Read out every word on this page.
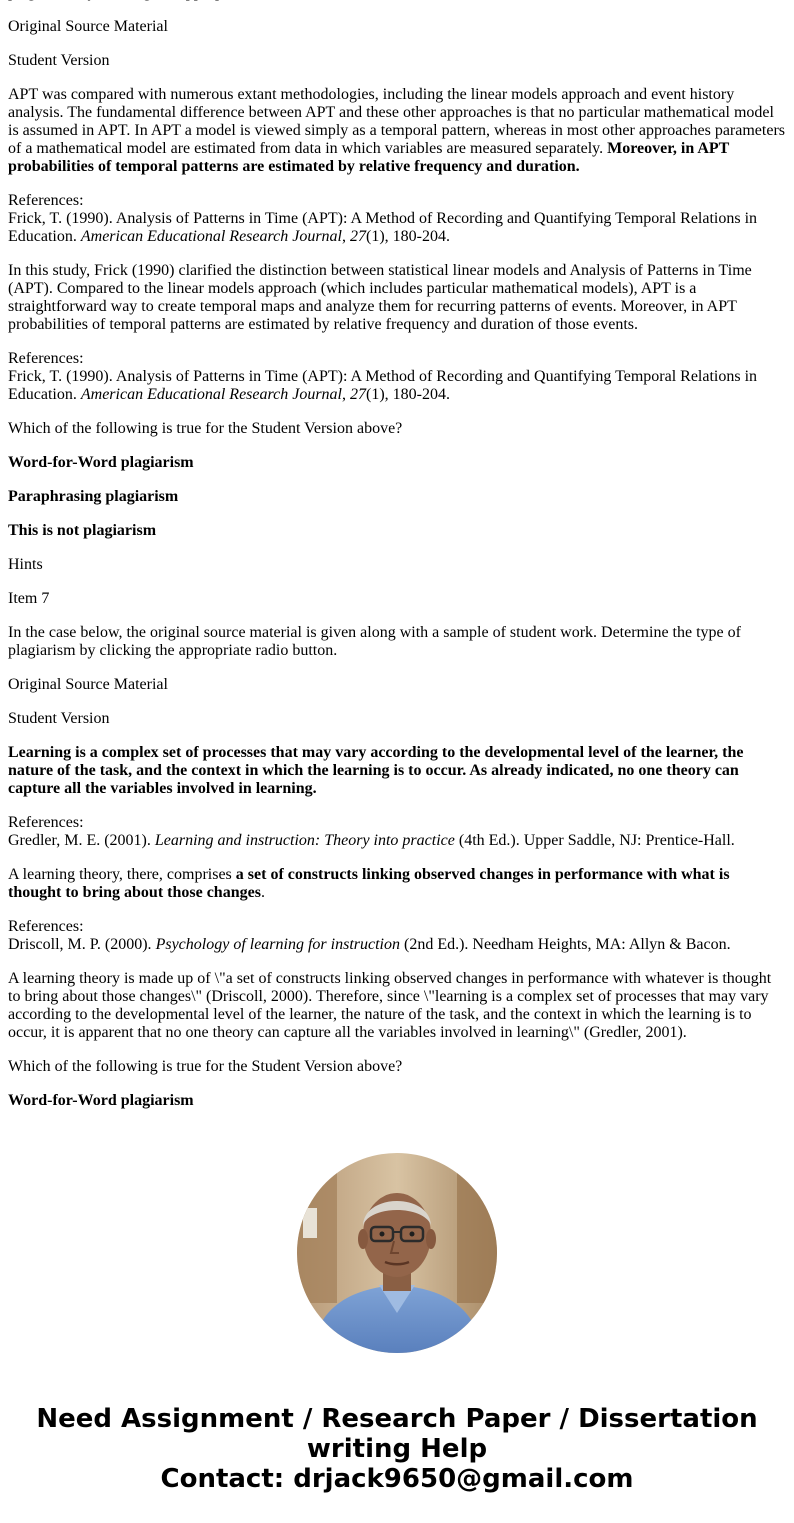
Original Source Material

Student Version

APT was compared with numerous extant methodologies, including the linear models approach and event history analysis. The fundamental difference between APT and these other approaches is that no particular mathematical model is assumed in APT. In APT a model is viewed simply as a temporal pattern, whereas in most other approaches parameters of a mathematical model are estimated from data in which variables are measured separately. Moreover, in APT probabilities of temporal patterns are estimated by relative frequency and duration.

References:
Frick, T. (1990). Analysis of Patterns in Time (APT): A Method of Recording and Quantifying Temporal Relations in Education. American Educational Research Journal, 27(1), 180-204.

In this study, Frick (1990) clarified the distinction between statistical linear models and Analysis of Patterns in Time (APT). Compared to the linear models approach (which includes particular mathematical models), APT is a straightforward way to create temporal maps and analyze them for recurring patterns of events. Moreover, in APT probabilities of temporal patterns are estimated by relative frequency and duration of those events.

References:
Frick, T. (1990). Analysis of Patterns in Time (APT): A Method of Recording and Quantifying Temporal Relations in Education. American Educational Research Journal, 27(1), 180-204.

Which of the following is true for the Student Version above?

Word-for-Word plagiarism

Paraphrasing plagiarism

This is not plagiarism

Hints

Item 7

In the case below, the original source material is given along with a sample of student work. Determine the type of plagiarism by clicking the appropriate radio button.

Original Source Material

Student Version

Learning is a complex set of processes that may vary according to the developmental level of the learner, the nature of the task, and the context in which the learning is to occur. As already indicated, no one theory can capture all the variables involved in learning.

References:
Gredler, M. E. (2001). Learning and instruction: Theory into practice (4th Ed.). Upper Saddle, NJ: Prentice-Hall.

A learning theory, there, comprises a set of constructs linking observed changes in performance with what is thought to bring about those changes.

References:
Driscoll, M. P. (2000). Psychology of learning for instruction (2nd Ed.). Needham Heights, MA: Allyn & Bacon.

A learning theory is made up of \"a set of constructs linking observed changes in performance with whatever is thought to bring about those changes\" (Driscoll, 2000). Therefore, since \"learning is a complex set of processes that may vary according to the developmental level of the learner, the nature of the task, and the context in which the learning is to occur, it is apparent that no one theory can capture all the variables involved in learning\" (Gredler, 2001).

Which of the following is true for the Student Version above?

Word-for-Word plagiarism

Need Assignment / Research Paper / Dissertation writing Help
Contact: drjack9650@gmail.com
